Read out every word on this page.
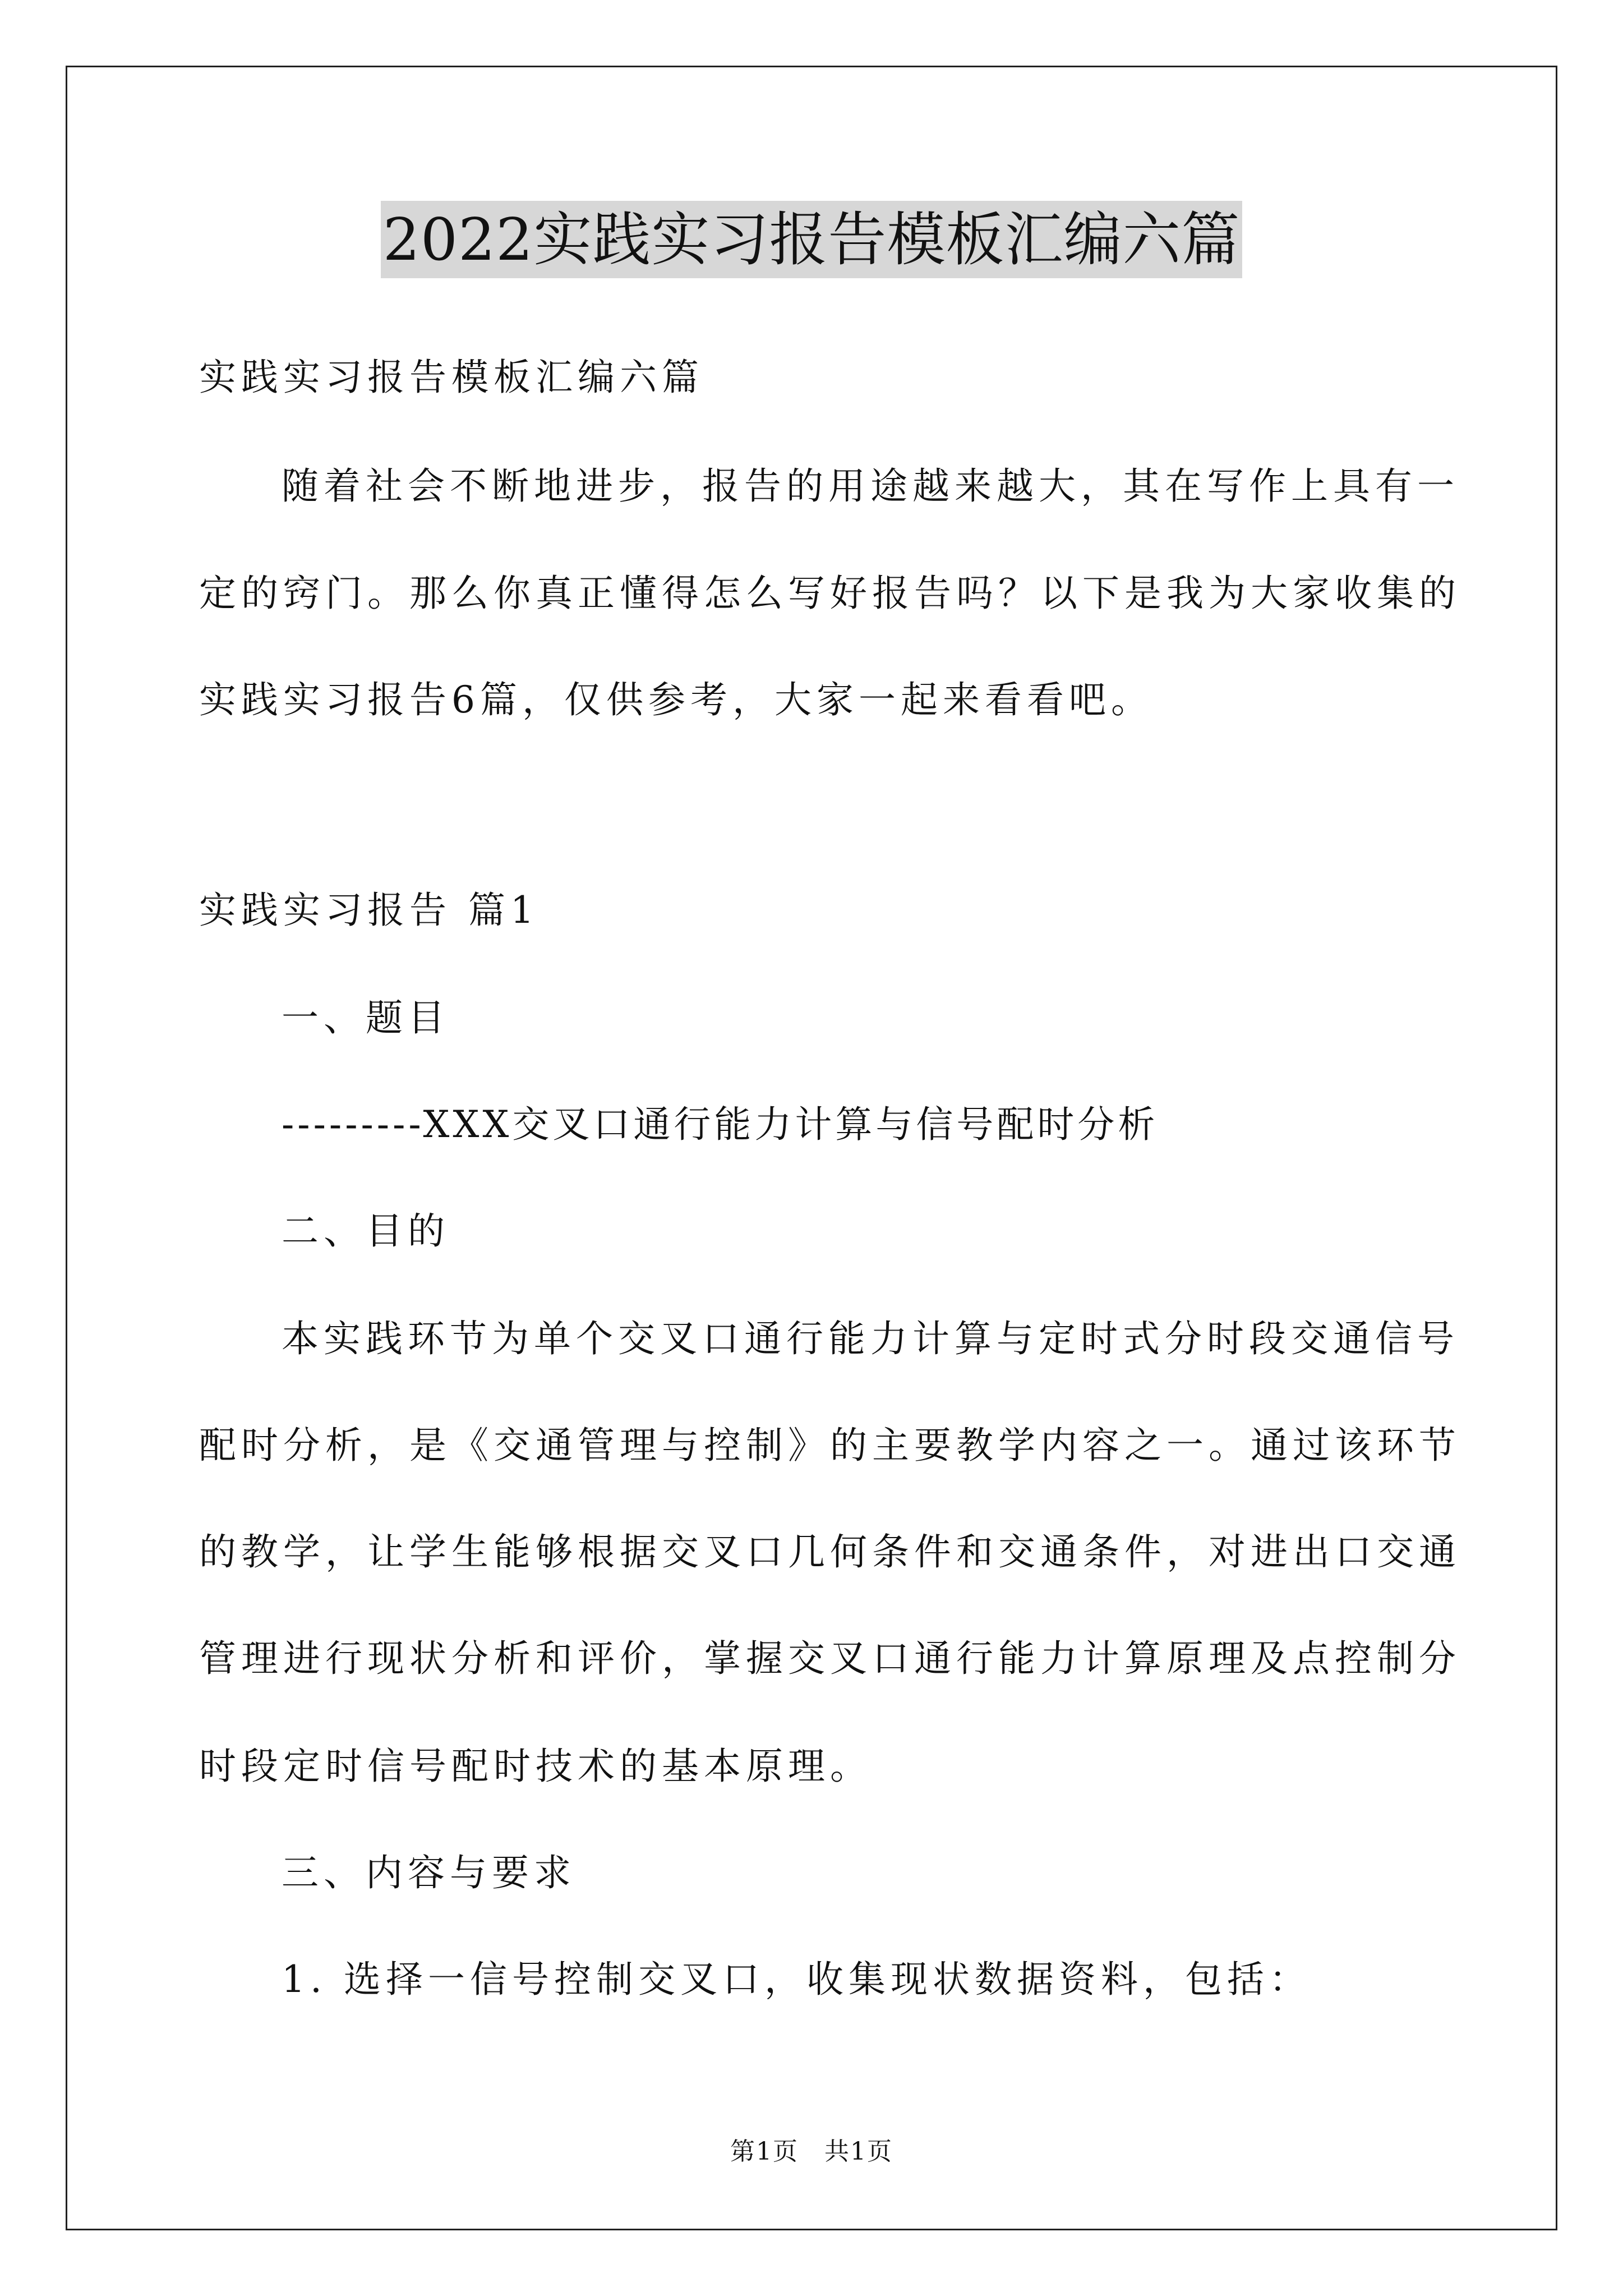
2022实践实习报告模板汇编六篇
实践实习报告模板汇编六篇
随着社会不断地进步，报告的用途越来越大，其在写作上具有一
定的窍门。那么你真正懂得怎么写好报告吗？以下是我为大家收集的
实践实习报告6篇，仅供参考，大家一起来看看吧。
实践实习报告 篇1
一、题目
---------XXX交叉口通行能力计算与信号配时分析
二、目的
本实践环节为单个交叉口通行能力计算与定时式分时段交通信号
配时分析，是《交通管理与控制》的主要教学内容之一。通过该环节
的教学，让学生能够根据交叉口几何条件和交通条件，对进出口交通
管理进行现状分析和评价，掌握交叉口通行能力计算原理及点控制分
时段定时信号配时技术的基本原理。
三、内容与要求
1. 选择一信号控制交叉口，收集现状数据资料，包括：
第1页　共1页
